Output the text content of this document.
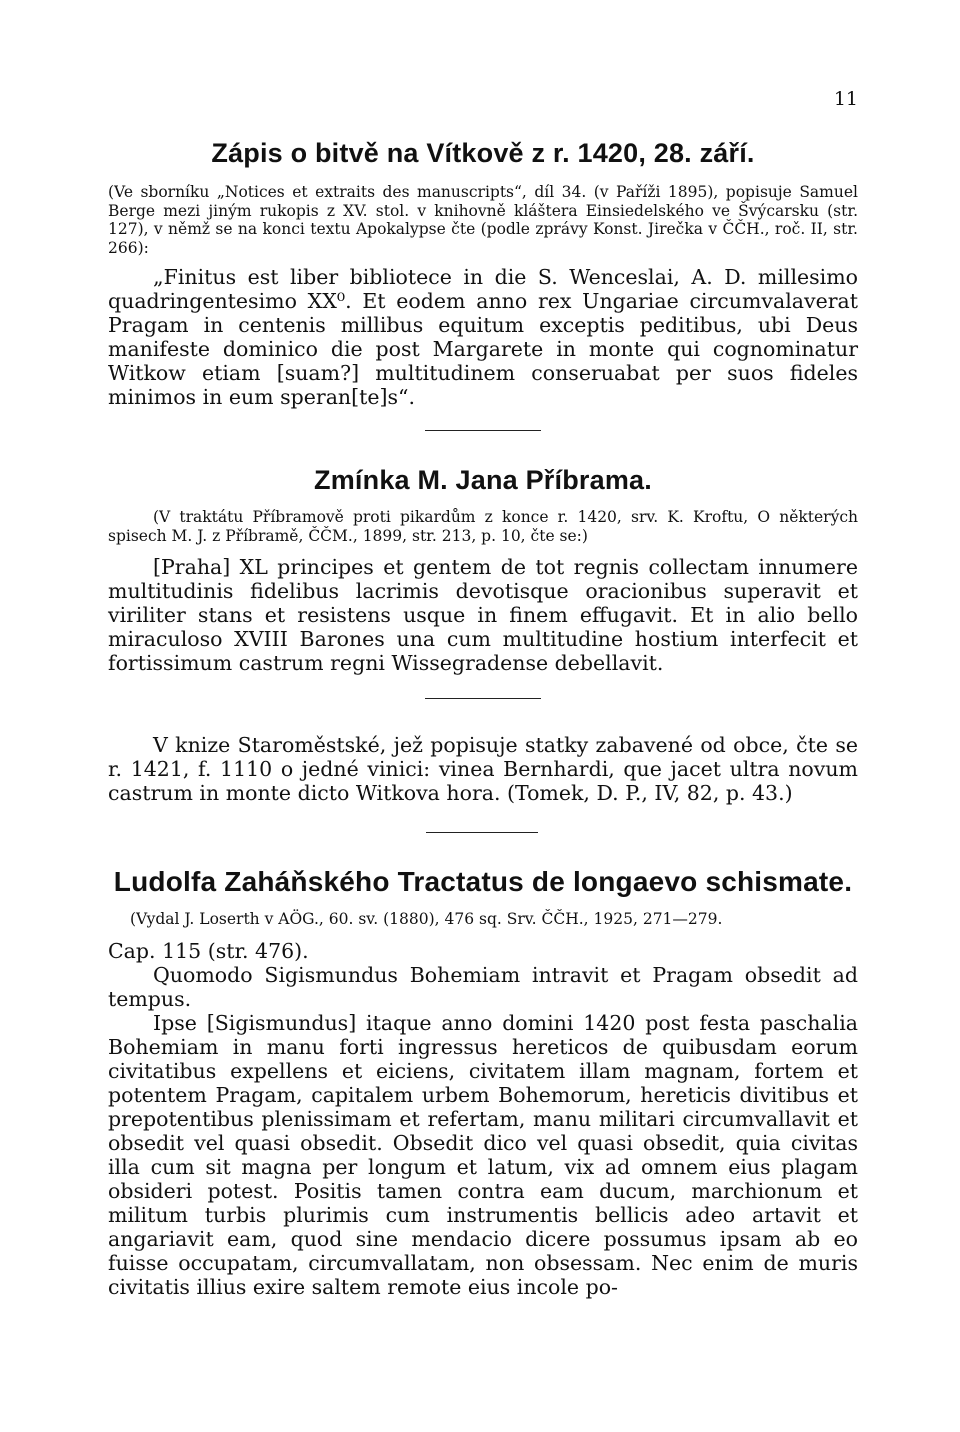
11

Zápis o bitvě na Vítkově z r. 1420, 28. září.

(Ve sborníku „Notices et extraits des manuscripts“, díl 34. (v Paříži 1895), popisuje Samuel Berge mezi jiným rukopis z XV. stol. v knihovně kláštera Einsiedelského ve Švýcarsku (str. 127), v němž se na konci textu Apokalypse čte (podle zprávy Konst. Jirečka v ČČH., roč. II, str. 266):

„Finitus est liber bibliotece in die S. Wenceslai, A. D. millesimo quadringentesimo XX⁰. Et eodem anno rex Ungariae circumvalaverat Pragam in centenis millibus equitum exceptis peditibus, ubi Deus manifeste dominico die post Margarete in monte qui cognominatur Witkow etiam [suam?] multitudinem conseruabat per suos fideles minimos in eum speran[te]s“.

Zmínka M. Jana Příbrama.

(V traktátu Příbramově proti pikardům z konce r. 1420, srv. K. Kroftu, O některých spisech M. J. z Příbramě, ČČM., 1899, str. 213, p. 10, čte se:)

[Praha] XL principes et gentem de tot regnis collectam innumere multitudinis fidelibus lacrimis devotisque oracionibus superavit et viriliter stans et resistens usque in finem effugavit. Et in alio bello miraculoso XVIII Barones una cum multitudine hostium interfecit et fortissimum castrum regni Wissegradense debellavit.

V knize Staroměstské, jež popisuje statky zabavené od obce, čte se r. 1421, f. 1110 o jedné vinici: vinea Bernhardi, que jacet ultra novum castrum in monte dicto Witkova hora. (Tomek, D. P., IV, 82, p. 43.)

Ludolfa Zaháňského Tractatus de longaevo schismate.

(Vydal J. Loserth v AÖG., 60. sv. (1880), 476 sq. Srv. ČČH., 1925, 271—279.

Cap. 115 (str. 476).

Quomodo Sigismundus Bohemiam intravit et Pragam obsedit ad tempus.

Ipse [Sigismundus] itaque anno domini 1420 post festa paschalia Bohemiam in manu forti ingressus hereticos de quibusdam eorum civitatibus expellens et eiciens, civitatem illam magnam, fortem et potentem Pragam, capitalem urbem Bohemorum, hereticis divitibus et prepotentibus plenissimam et refertam, manu militari circumvallavit et obsedit vel quasi obsedit. Obsedit dico vel quasi obsedit, quia civitas illa cum sit magna per longum et latum, vix ad omnem eius plagam obsideri potest. Positis tamen contra eam ducum, marchionum et militum turbis plurimis cum instrumentis bellicis adeo artavit et angariavit eam, quod sine mendacio dicere possumus ipsam ab eo fuisse occupatam, circumvallatam, non obsessam. Nec enim de muris civitatis illius exire saltem remote eius incole po-
